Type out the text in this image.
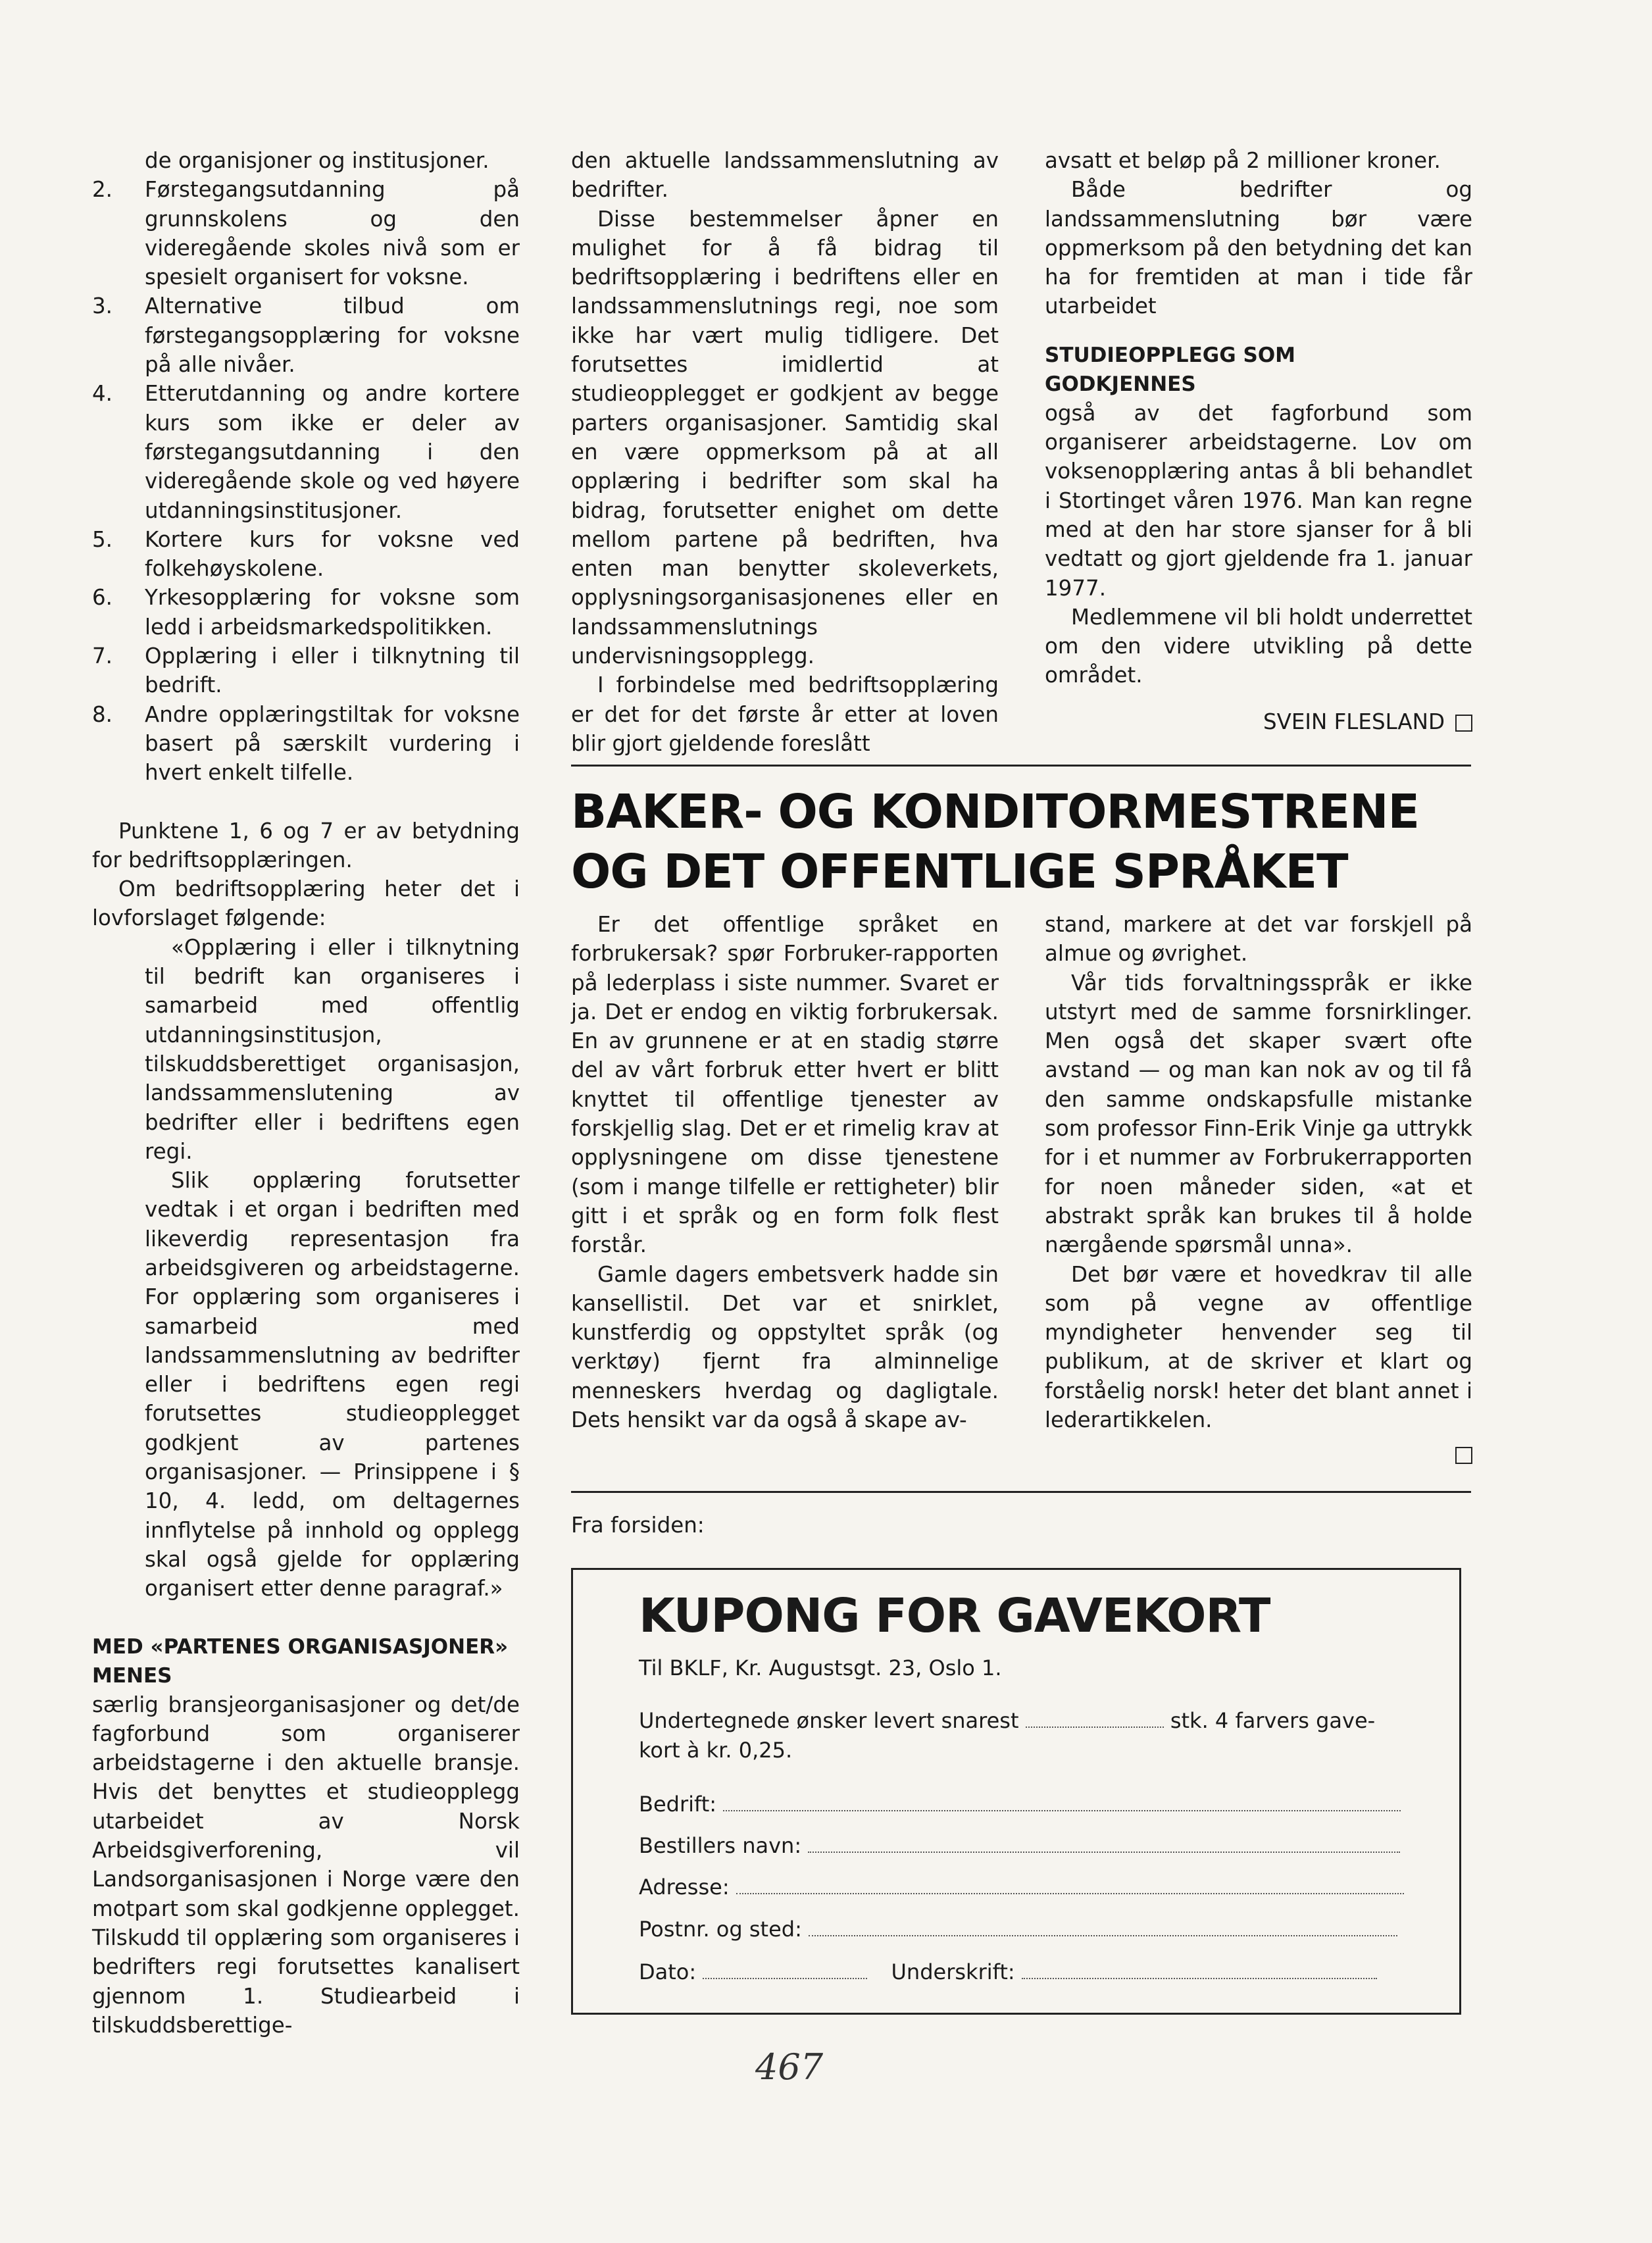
de organisjoner og institusjoner.

2. Førstegangsutdanning på grunnskolens og den videregående skoles nivå som er spesielt organisert for voksne.
3. Alternative tilbud om førstegangsopplæring for voksne på alle nivåer.
4. Etterutdanning og andre kortere kurs som ikke er deler av førstegangsutdanning i den videregående skole og ved høyere utdanningsinstitusjoner.
5. Kortere kurs for voksne ved folkehøyskolene.
6. Yrkesopplæring for voksne som ledd i arbeidsmarkedspolitikken.
7. Opplæring i eller i tilknytning til bedrift.
8. Andre opplæringstiltak for voksne basert på særskilt vurdering i hvert enkelt tilfelle.

Punktene 1, 6 og 7 er av betydning for bedriftsopplæringen.

Om bedriftsopplæring heter det i lovforslaget følgende:

«Opplæring i eller i tilknytning til bedrift kan organiseres i samarbeid med offentlig utdanningsinstitusjon, tilskuddsberettiget organisasjon, landssammenslutening av bedrifter eller i bedriftens egen regi.

Slik opplæring forutsetter vedtak i et organ i bedriften med likeverdig representasjon fra arbeidsgiveren og arbeidstagerne. For opplæring som organiseres i samarbeid med landssammenslutning av bedrifter eller i bedriftens egen regi forutsettes studieopplegget godkjent av partenes organisasjoner. — Prinsippene i § 10, 4. ledd, om deltagernes innflytelse på innhold og opplegg skal også gjelde for opplæring organisert etter denne paragraf.»

MED «PARTENES ORGANISASJONER» MENES

særlig bransjeorganisasjoner og det/de fagforbund som organiserer arbeidstagerne i den aktuelle bransje. Hvis det benyttes et studieopplegg utarbeidet av Norsk Arbeidsgiverforening, vil Landsorganisasjonen i Norge være den motpart som skal godkjenne opplegget. Tilskudd til opplæring som organiseres i bedrifters regi forutsettes kanalisert gjennom 1. Studiearbeid i tilskuddsberettige-

den aktuelle landssammenslutning av bedrifter.

Disse bestemmelser åpner en mulighet for å få bidrag til bedriftsopplæring i bedriftens eller en landssammenslutnings regi, noe som ikke har vært mulig tidligere. Det forutsettes imidlertid at studieopplegget er godkjent av begge parters organisasjoner. Samtidig skal en være oppmerksom på at all opplæring i bedrifter som skal ha bidrag, forutsetter enighet om dette mellom partene på bedriften, hva enten man benytter skoleverkets, opplysningsorganisasjonenes eller en landssammenslutnings undervisningsopplegg.

I forbindelse med bedriftsopplæring er det for det første år etter at loven blir gjort gjeldende foreslått

avsatt et beløp på 2 millioner kroner.

Både bedrifter og landssammenslutning bør være oppmerksom på den betydning det kan ha for fremtiden at man i tide får utarbeidet

STUDIEOPPLEGG SOM GODKJENNES

også av det fagforbund som organiserer arbeidstagerne. Lov om voksenopplæring antas å bli behandlet i Stortinget våren 1976. Man kan regne med at den har store sjanser for å bli vedtatt og gjort gjeldende fra 1. januar 1977.

Medlemmene vil bli holdt underrettet om den videre utvikling på dette området.

SVEIN FLESLAND

BAKER- OG KONDITORMESTRENE
OG DET OFFENTLIGE SPRÅKET

Er det offentlige språket en forbrukersak? spør Forbruker-rapporten på lederplass i siste nummer. Svaret er ja. Det er endog en viktig forbrukersak. En av grunnene er at en stadig større del av vårt forbruk etter hvert er blitt knyttet til offentlige tjenester av forskjellig slag. Det er et rimelig krav at opplysningene om disse tjenestene (som i mange tilfelle er rettigheter) blir gitt i et språk og en form folk flest forstår.

Gamle dagers embetsverk hadde sin kansellistil. Det var et snirklet, kunstferdig og oppstyltet språk (og verktøy) fjernt fra alminnelige menneskers hverdag og dagligtale. Dets hensikt var da også å skape av-

stand, markere at det var forskjell på almue og øvrighet.

Vår tids forvaltningsspråk er ikke utstyrt med de samme forsnirklinger. Men også det skaper svært ofte avstand — og man kan nok av og til få den samme ondskapsfulle mistanke som professor Finn-Erik Vinje ga uttrykk for i et nummer av Forbrukerrapporten for noen måneder siden, «at et abstrakt språk kan brukes til å holde nærgående spørsmål unna».

Det bør være et hovedkrav til alle som på vegne av offentlige myndigheter henvender seg til publikum, at de skriver et klart og forståelig norsk! heter det blant annet i lederartikkelen.

Fra forsiden:
KUPONG FOR GAVEKORT
Til BKLF, Kr. Augustsgt. 23, Oslo 1.
Undertegnede ønsker levert snarest	stk. 4 farvers gave-
kort à kr. 0,25.
Bedrift:
Bestillers navn:
Adresse:
Postnr. og sted:
Dato:	Underskrift:
467
